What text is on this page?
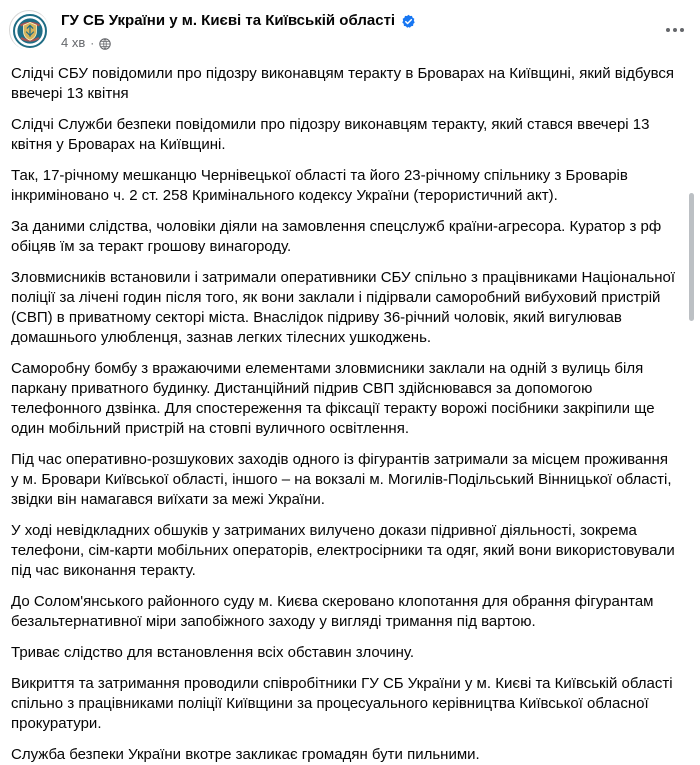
ГУ СБ України у м. Києві та Київській області
4 хв ·

Слідчі СБУ повідомили про підозру виконавцям теракту в Броварах на Київщині, який відбувся ввечері 13 квітня

Слідчі Служби безпеки повідомили про підозру виконавцям теракту, який стався ввечері 13 квітня у Броварах на Київщині.

Так, 17-річному мешканцю Чернівецької області та його 23-річному спільнику з Броварів інкриміновано ч. 2 ст. 258 Кримінального кодексу України (терористичний акт).

За даними слідства, чоловіки діяли на замовлення спецслужб країни-агресора. Куратор з рф обіцяв їм за теракт грошову винагороду.

Зловмисників встановили і затримали оперативники СБУ спільно з працівниками Національної поліції за лічені годин після того, як вони заклали і підірвали саморобний вибуховий пристрій (СВП) в приватному секторі міста. Внаслідок підриву 36-річний чоловік, який вигулював домашнього улюбленця, зазнав легких тілесних ушкоджень.

Саморобну бомбу з вражаючими елементами зловмисники заклали на одній з вулиць біля паркану приватного будинку. Дистанційний підрив СВП здійснювався за допомогою телефонного дзвінка. Для спостереження та фіксації теракту ворожі посібники закріпили ще один мобільний пристрій на стовпі вуличного освітлення.

Під час оперативно-розшукових заходів одного із фігурантів затримали за місцем проживання у м. Бровари Київської області, іншого – на вокзалі м. Могилів-Подільський Вінницької області, звідки він намагався виїхати за межі України.

У ході невідкладних обшуків у затриманих вилучено докази підривної діяльності, зокрема телефони, сім-карти мобільних операторів, електросірники та одяг, який вони використовували під час виконання теракту.

До Солом'янського районного суду м. Києва скеровано клопотання для обрання фігурантам безальтернативної міри запобіжного заходу у вигляді тримання під вартою.

Триває слідство для встановлення всіх обставин злочину.

Викриття та затримання проводили співробітники ГУ СБ України у м. Києві та Київській області спільно з працівниками поліції Київщини за процесуального керівництва Київської обласної прокуратури.

Служба безпеки України вкотре закликає громадян бути пильними.
